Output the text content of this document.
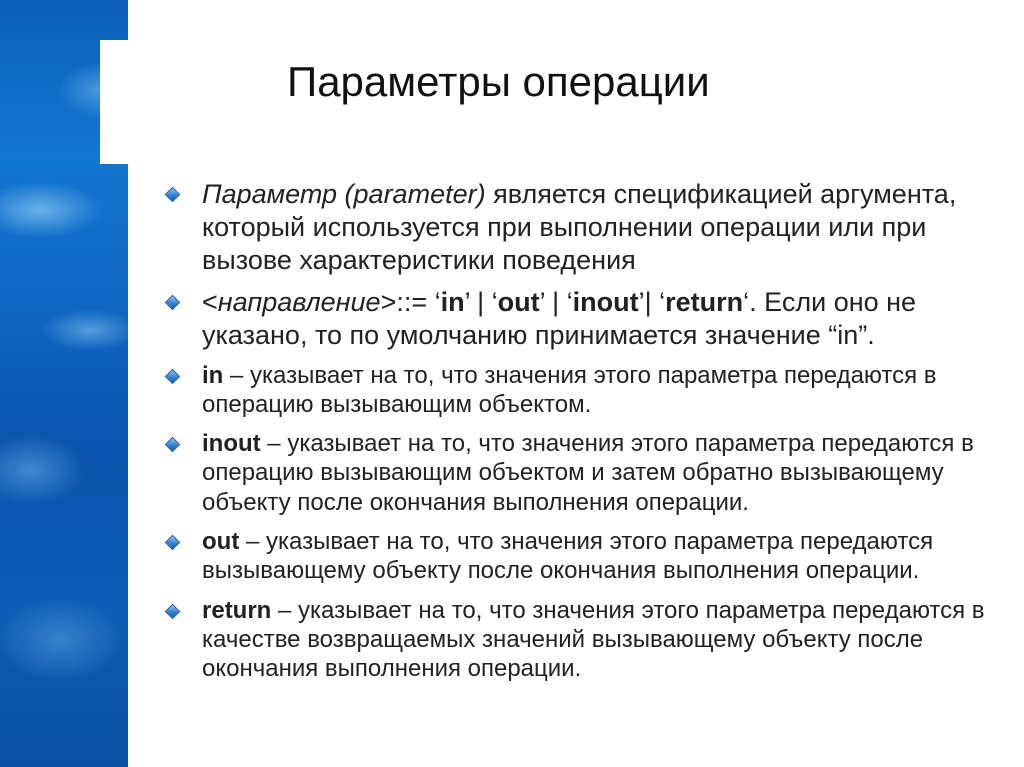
Параметры операции
Параметр (parameter) является спецификацией аргумента, который используется при выполнении операции или при вызове характеристики поведения
<направление>::= ‘in’ | ‘out’ | ‘inout’| ‘return‘. Если оно не указано, то по умолчанию принимается значение “in”.
in – указывает на то, что значения этого параметра передаются в операцию вызывающим объектом.
inout – указывает на то, что значения этого параметра передаются в операцию вызывающим объектом и затем обратно вызывающему объекту после окончания выполнения операции.
out – указывает на то, что значения этого параметра передаются вызывающему объекту после окончания выполнения операции.
return – указывает на то, что значения этого параметра передаются в качестве возвращаемых значений вызывающему объекту после окончания выполнения операции.
